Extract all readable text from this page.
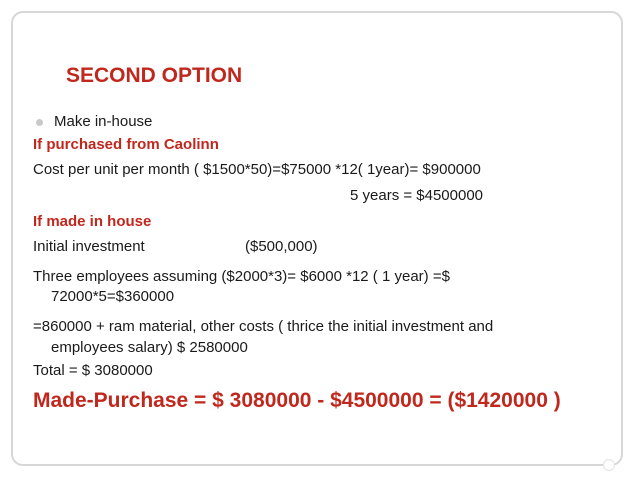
SECOND OPTION
Make in-house
If purchased from Caolinn
Cost per unit per month ( $1500*50)=$75000 *12( 1year)= $900000
5 years = $4500000
If made in house
Initial investment	($500,000)
Three employees assuming ($2000*3)= $6000 *12 ( 1 year) =$
72000*5=$360000
=860000 + ram material, other costs ( thrice the initial investment and
employees salary) $ 2580000
Total = $ 3080000
Made-Purchase = $ 3080000 - $4500000 = ($1420000 )
